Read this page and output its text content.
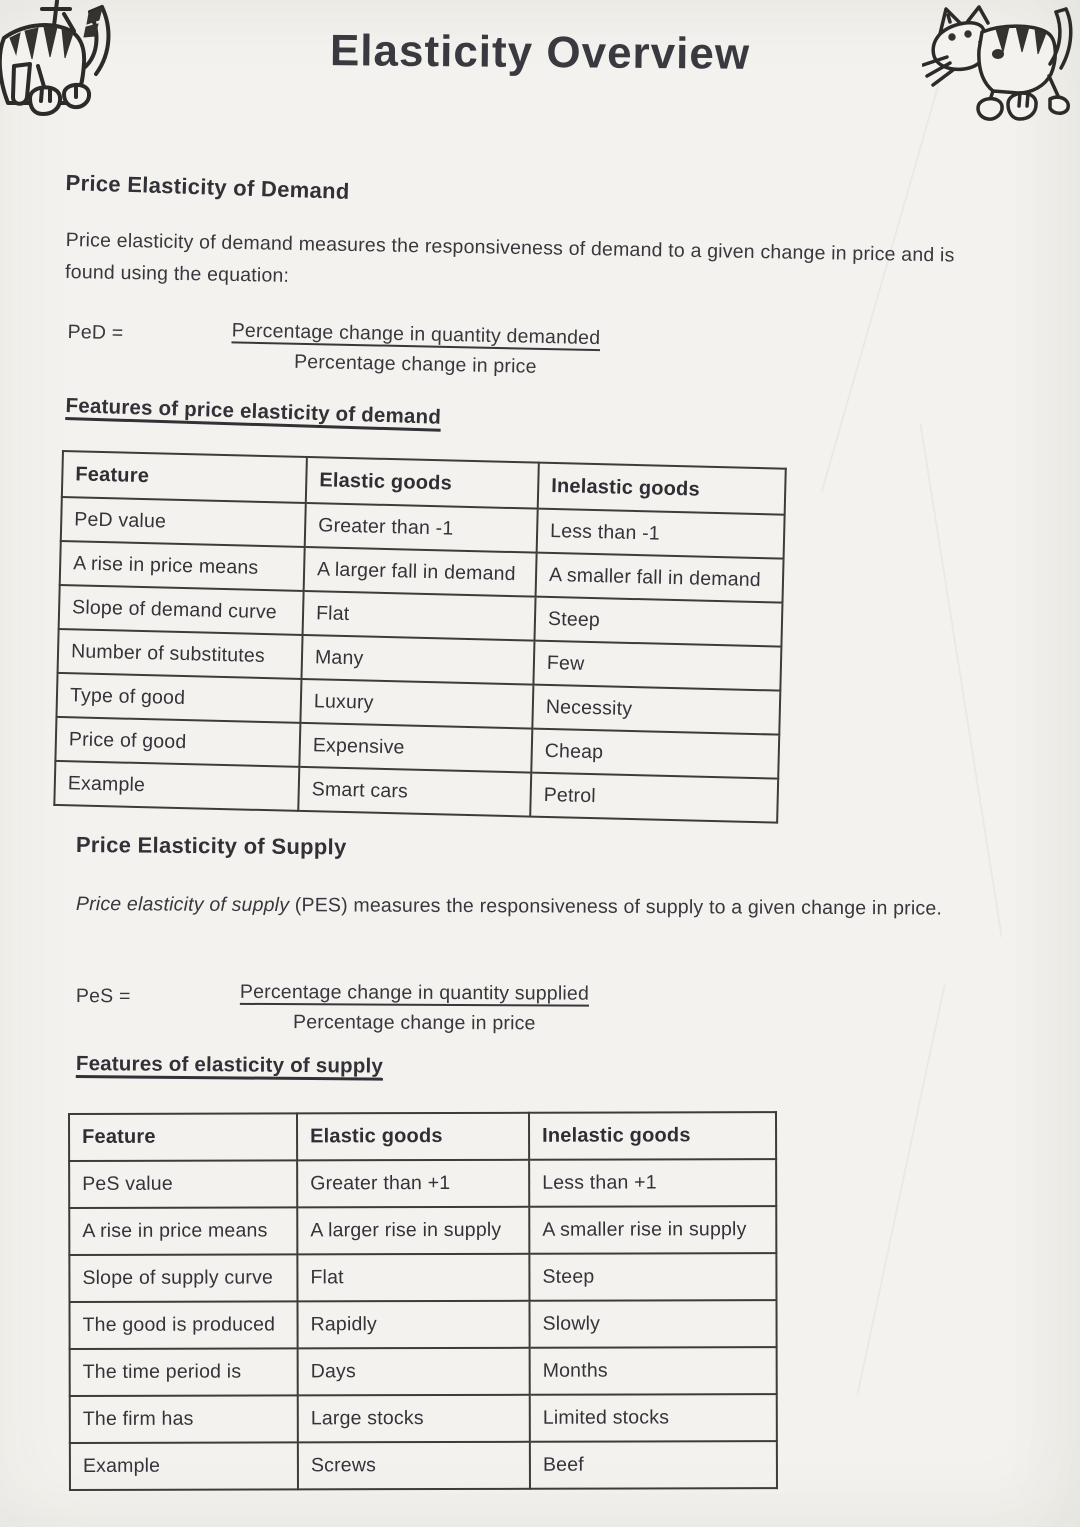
Elasticity Overview
Price Elasticity of Demand
Price elasticity of demand measures the responsiveness of demand to a given change in price and is found using the equation:
PeD =	Percentage change in quantity demanded
Percentage change in price
Features of price elasticity of demand
Feature	Elastic goods	Inelastic goods
PeD value	Greater than -1	Less than -1
A rise in price means	A larger fall in demand	A smaller fall in demand
Slope of demand curve	Flat	Steep
Number of substitutes	Many	Few
Type of good	Luxury	Necessity
Price of good	Expensive	Cheap
Example	Smart cars	Petrol
Price Elasticity of Supply
Price elasticity of supply (PES) measures the responsiveness of supply to a given change in price.
PeS =	$\frac{\text{Percentage change in quantity supplied}}{\text{Percentage change in price}}$
Features of elasticity of supply
Feature	Elastic goods	Inelastic goods
PeS value	Greater than +1	Less than +1
A rise in price means	A larger rise in supply	A smaller rise in supply
Slope of supply curve	Flat	Steep
The good is produced	Rapidly	Slowly
The time period is	Days	Months
The firm has	Large stocks	Limited stocks
Example	Screws	Beef
